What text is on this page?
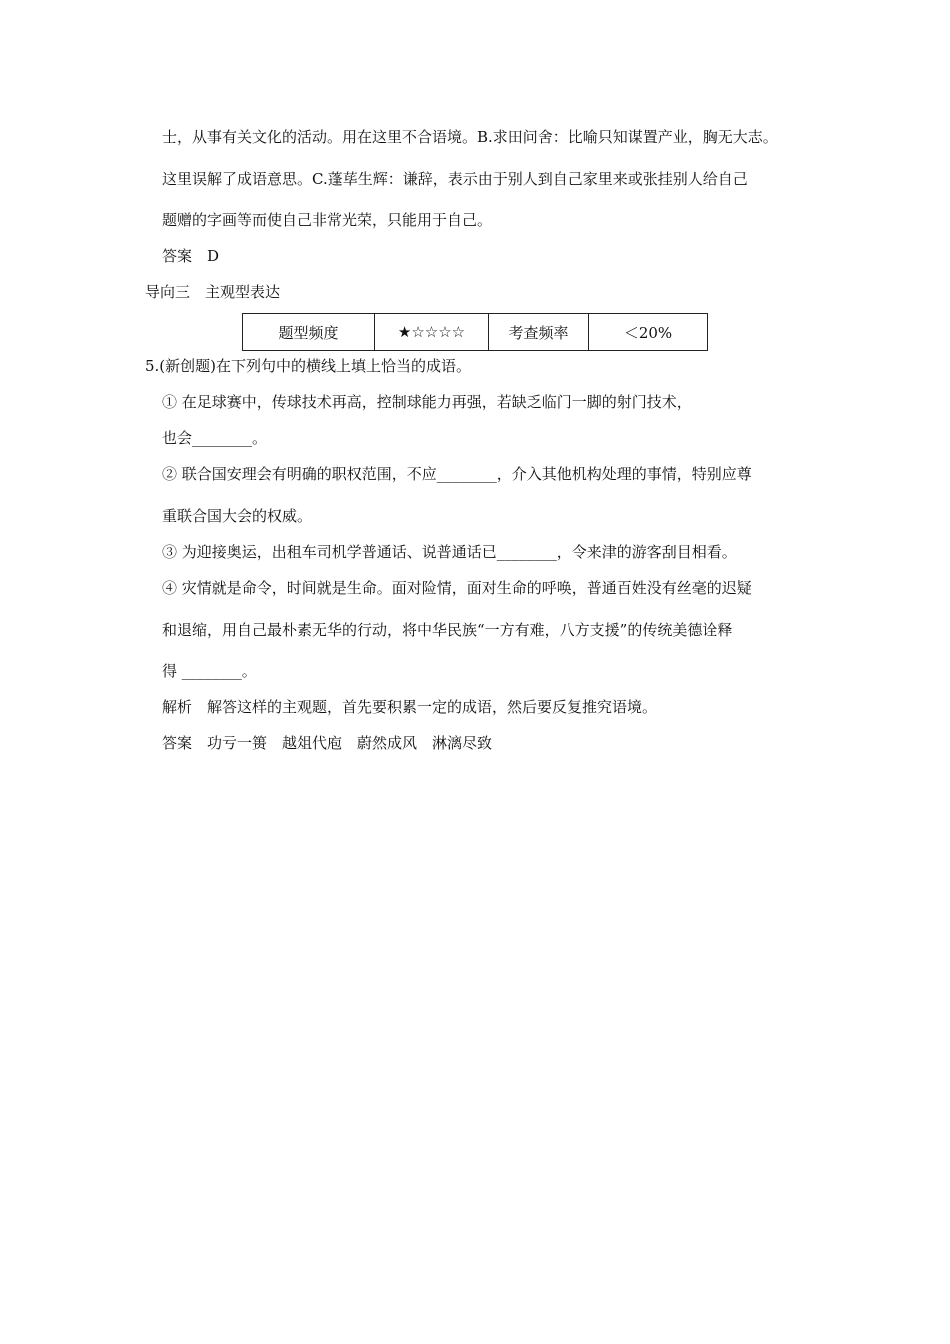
士，从事有关文化的活动。用在这里不合语境。B.求田问舍：比喻只知谋置产业，胸无大志。
这里误解了成语意思。C.蓬荜生辉：谦辞，表示由于别人到自己家里来或张挂别人给自己
题赠的字画等而使自己非常光荣，只能用于自己。
答案　D
导向三　主观型表达
题型频度	★☆☆☆☆	考查频率	＜20%
5.(新创题)在下列句中的横线上填上恰当的成语。
① 在足球赛中，传球技术再高，控制球能力再强，若缺乏临门一脚的射门技术，
也会________。
② 联合国安理会有明确的职权范围，不应________，介入其他机构处理的事情，特别应尊
重联合国大会的权威。
③ 为迎接奥运，出租车司机学普通话、说普通话已________，令来津的游客刮目相看。
④ 灾情就是命令，时间就是生命。面对险情，面对生命的呼唤，普通百姓没有丝毫的迟疑
和退缩，用自己最朴素无华的行动，将中华民族“一方有难，八方支援”的传统美德诠释
得 ________。
解析　解答这样的主观题，首先要积累一定的成语，然后要反复推究语境。
答案　功亏一篑　越俎代庖　蔚然成风　淋漓尽致
